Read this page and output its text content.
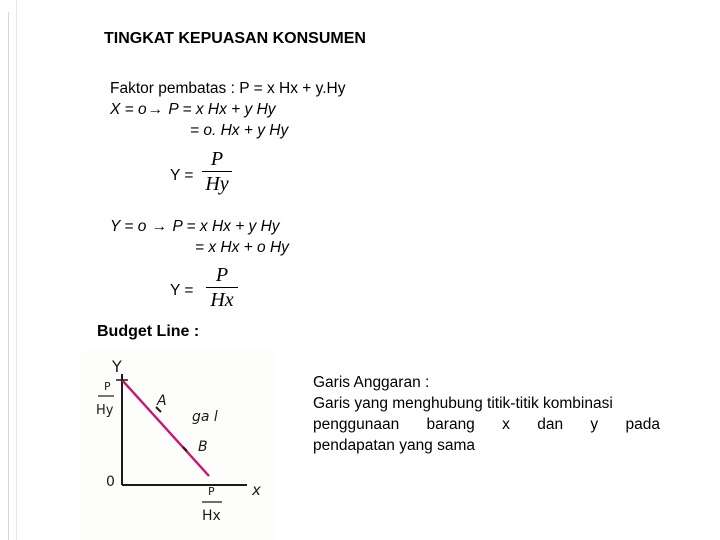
TINGKAT KEPUASAN KONSUMEN
Faktor pembatas : P = x Hx + y.Hy
X = o→ P = x Hx + y Hy
= o. Hx + y Hy
Y =
P
Hy
Y = o → P = x Hx + y Hy
= x Hx + o Hy
Y =
P
Hx
Budget Line :
Y
x
0
A
B
ga l
P
Hy
P
Hx

Garis Anggaran :

Garis yang menghubung titik-titik kombinasi

penggunaan barang x dan y pada

pendapatan yang sama
